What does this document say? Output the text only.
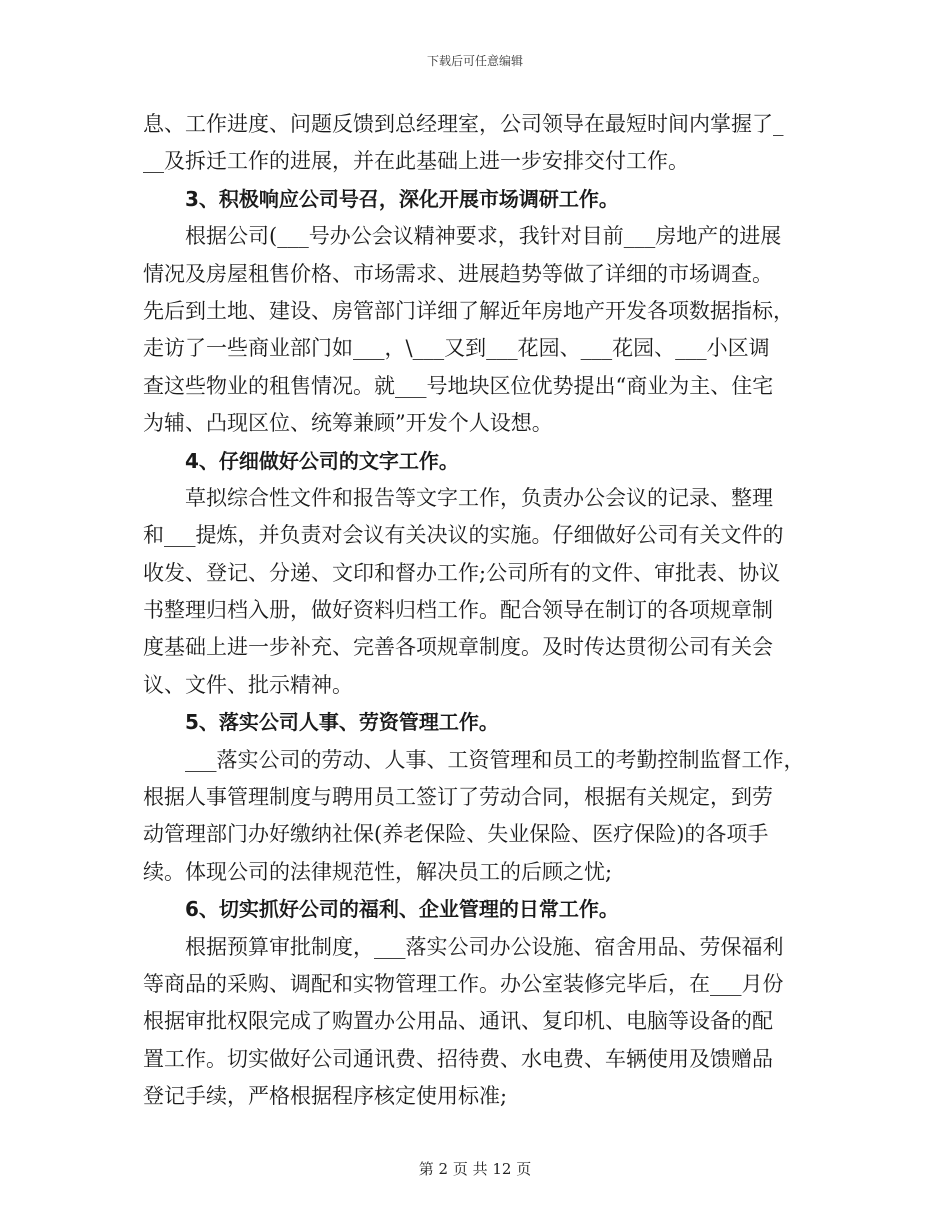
下载后可任意编辑
息、工作进度、问题反馈到总经理室，公司领导在最短时间内掌握了_
__及拆迁工作的进展，并在此基础上进一步安排交付工作。
3、积极响应公司号召，深化开展市场调研工作。
根据公司(___号办公会议精神要求，我针对目前___房地产的进展
情况及房屋租售价格、市场需求、进展趋势等做了详细的市场调查。
先后到土地、建设、房管部门详细了解近年房地产开发各项数据指标，
走访了一些商业部门如___，\___又到___花园、___花园、___小区调
查这些物业的租售情况。就___号地块区位优势提出“商业为主、住宅
为辅、凸现区位、统筹兼顾”开发个人设想。
4、仔细做好公司的文字工作。
草拟综合性文件和报告等文字工作，负责办公会议的记录、整理
和___提炼，并负责对会议有关决议的实施。仔细做好公司有关文件的
收发、登记、分递、文印和督办工作;公司所有的文件、审批表、协议
书整理归档入册，做好资料归档工作。配合领导在制订的各项规章制
度基础上进一步补充、完善各项规章制度。及时传达贯彻公司有关会
议、文件、批示精神。
5、落实公司人事、劳资管理工作。
___落实公司的劳动、人事、工资管理和员工的考勤控制监督工作，
根据人事管理制度与聘用员工签订了劳动合同，根据有关规定，到劳
动管理部门办好缴纳社保(养老保险、失业保险、医疗保险)的各项手
续。体现公司的法律规范性，解决员工的后顾之忧;
6、切实抓好公司的福利、企业管理的日常工作。
根据预算审批制度，___落实公司办公设施、宿舍用品、劳保福利
等商品的采购、调配和实物管理工作。办公室装修完毕后，在___月份
根据审批权限完成了购置办公用品、通讯、复印机、电脑等设备的配
置工作。切实做好公司通讯费、招待费、水电费、车辆使用及馈赠品
登记手续，严格根据程序核定使用标准;
第 2 页 共 12 页
